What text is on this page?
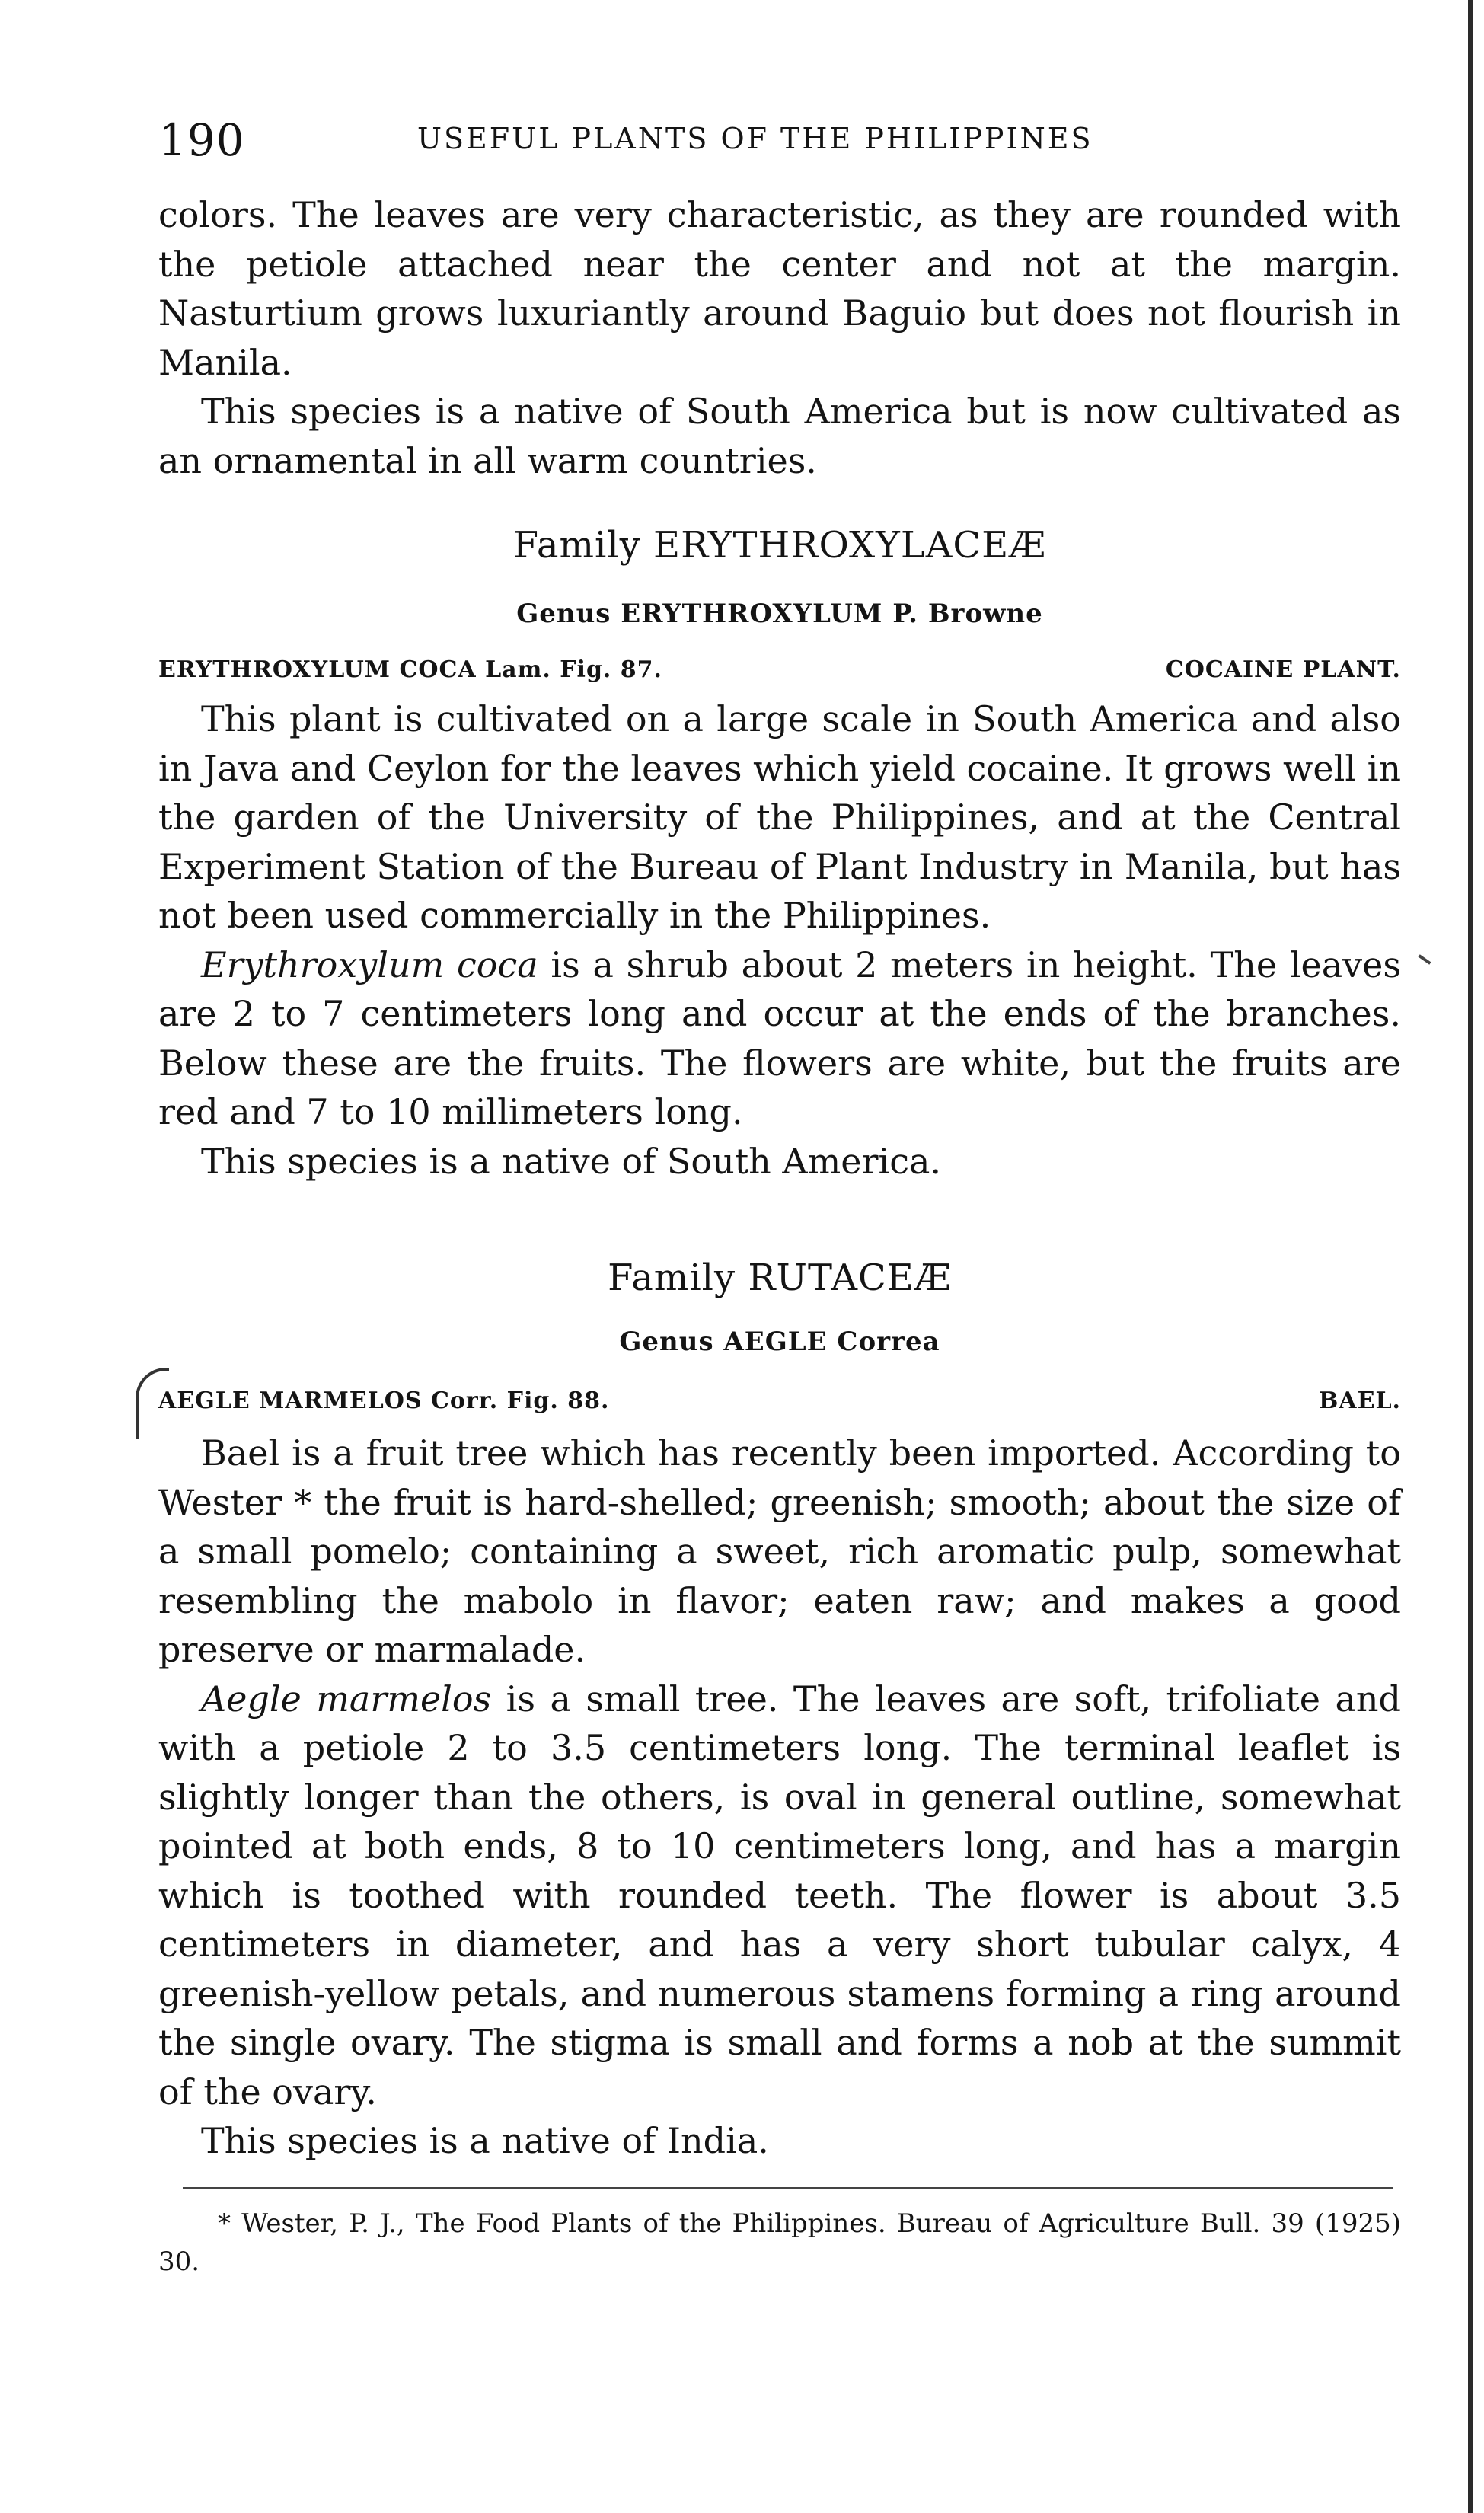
190	USEFUL PLANTS OF THE PHILIPPINES

colors. The leaves are very characteristic, as they are rounded with the petiole attached near the center and not at the margin. Nasturtium grows luxuriantly around Baguio but does not flourish in Manila.

This species is a native of South America but is now cultivated as an ornamental in all warm countries.

Family ERYTHROXYLACEÆ
Genus ERYTHROXYLUM P. Browne
ERYTHROXYLUM COCA Lam. Fig. 87.	COCAINE PLANT.

This plant is cultivated on a large scale in South America and also in Java and Ceylon for the leaves which yield cocaine. It grows well in the garden of the University of the Philippines, and at the Central Experiment Station of the Bureau of Plant Industry in Manila, but has not been used commercially in the Philippines.

Erythroxylum coca is a shrub about 2 meters in height. The leaves are 2 to 7 centimeters long and occur at the ends of the branches. Below these are the fruits. The flowers are white, but the fruits are red and 7 to 10 millimeters long.

This species is a native of South America.

Family RUTACEÆ
Genus AEGLE Correa
AEGLE MARMELOS Corr. Fig. 88.	BAEL.

Bael is a fruit tree which has recently been imported. According to Wester * the fruit is hard-shelled; greenish; smooth; about the size of a small pomelo; containing a sweet, rich aromatic pulp, somewhat resembling the mabolo in flavor; eaten raw; and makes a good preserve or marmalade.

Aegle marmelos is a small tree. The leaves are soft, trifoliate and with a petiole 2 to 3.5 centimeters long. The terminal leaflet is slightly longer than the others, is oval in general outline, somewhat pointed at both ends, 8 to 10 centimeters long, and has a margin which is toothed with rounded teeth. The flower is about 3.5 centimeters in diameter, and has a very short tubular calyx, 4 greenish-yellow petals, and numerous stamens forming a ring around the single ovary. The stigma is small and forms a nob at the summit of the ovary.

This species is a native of India.

* Wester, P. J., The Food Plants of the Philippines. Bureau of Agriculture Bull. 39 (1925) 30.
